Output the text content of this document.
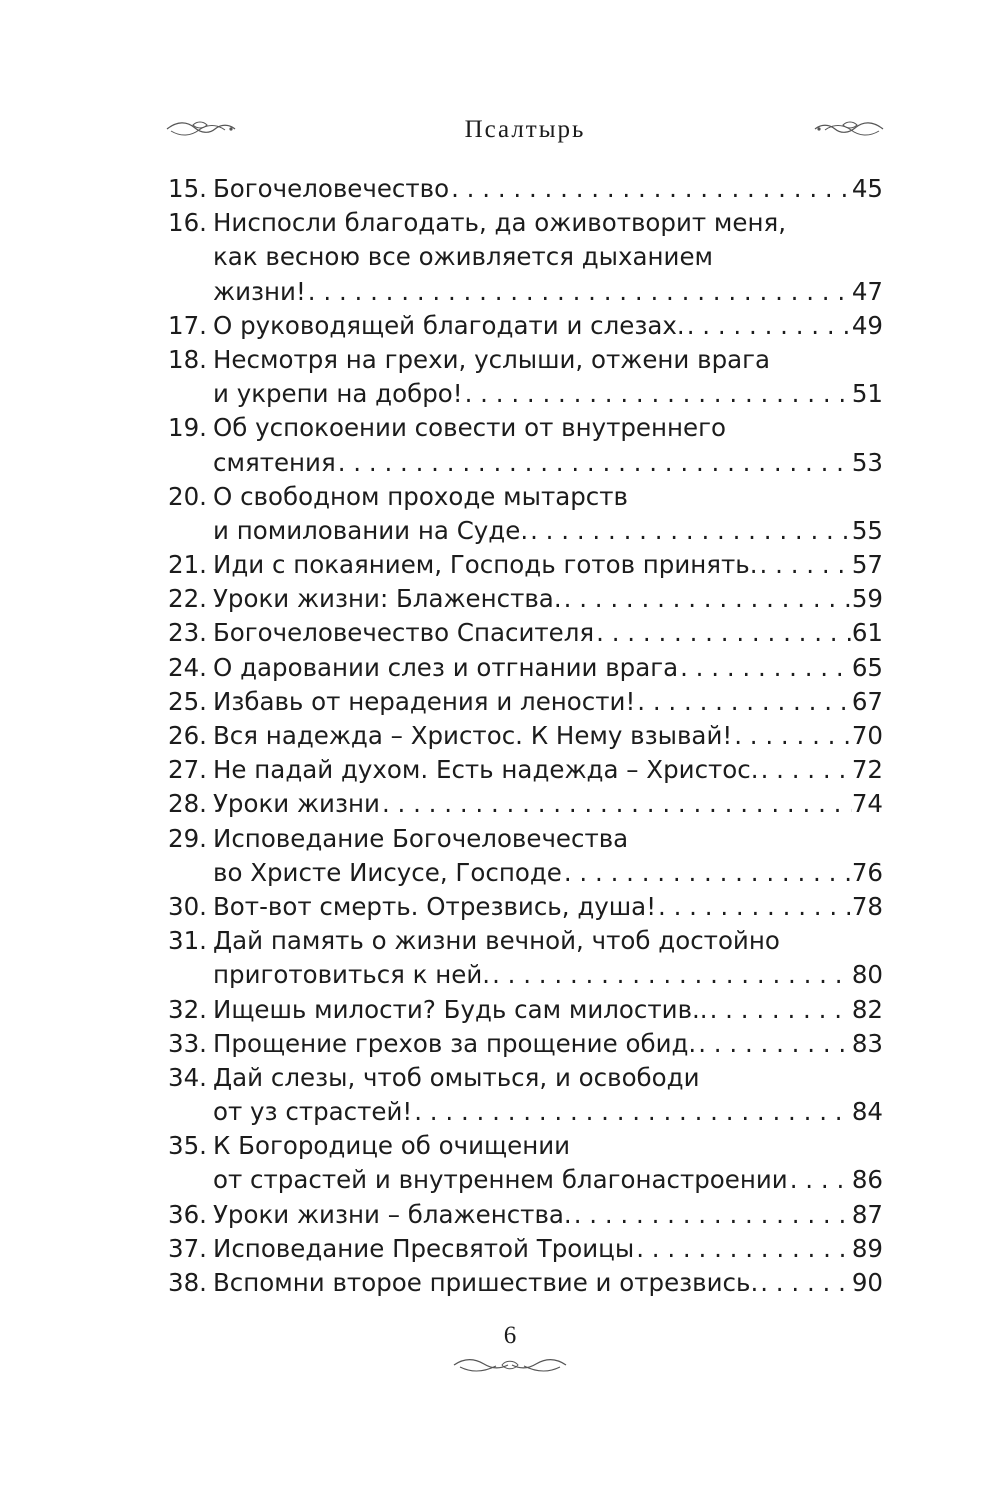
Псалтырь
15. Богочеловечество . . .	45
16. Ниспосли благодать, да оживотворит меня,
как весною все оживляется дыханием
жизни! . . .	47
17. О руководящей благодати и слезах. . . .	49
18. Несмотря на грехи, услыши, отжени врага
и укрепи на добро! . . .	51
19. Об успокоении совести от внутреннего
смятения . . .	53
20. О свободном проходе мытарств
и помиловании на Суде. . . .	55
21. Иди с покаянием, Господь готов принять. . . .	57
22. Уроки жизни: Блаженства. . . .	59
23. Богочеловечество Спасителя . . .	61
24. О даровании слез и отгнании врага . . .	65
25. Избавь от нерадения и лености! . . .	67
26. Вся надежда – Христос. К Нему взывай! . . .	70
27. Не падай духом. Есть надежда – Христос. . . .	72
28. Уроки жизни . . .	74
29. Исповедание Богочеловечества
во Христе Иисусе, Господе . . .	76
30. Вот-вот смерть. Отрезвись, душа! . . .	78
31. Дай память о жизни вечной, чтоб достойно
приготовиться к ней. . . .	80
32. Ищешь милости? Будь сам милостив.. . . .	82
33. Прощение грехов за прощение обид. . . .	83
34. Дай слезы, чтоб омыться, и освободи
от уз страстей! . . .	84
35. К Богородице об очищении
от страстей и внутреннем благонастроении . . .	86
36. Уроки жизни – блаженства. . . .	87
37. Исповедание Пресвятой Троицы . . .	89
38. Вспомни второе пришествие и отрезвись. . . .	90
6
